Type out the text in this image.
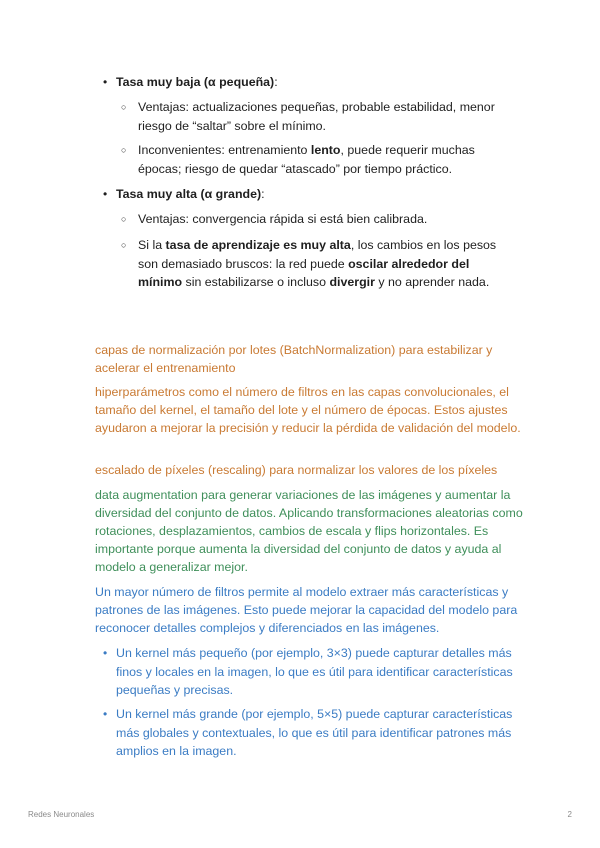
• Tasa muy baja (α pequeña):
○ Ventajas: actualizaciones pequeñas, probable estabilidad, menor riesgo de “saltar” sobre el mínimo.
○ Inconvenientes: entrenamiento lento, puede requerir muchas épocas; riesgo de quedar “atascado” por tiempo práctico.
• Tasa muy alta (α grande):
○ Ventajas: convergencia rápida si está bien calibrada.
○ Si la tasa de aprendizaje es muy alta, los cambios en los pesos son demasiado bruscos: la red puede oscilar alrededor del mínimo sin estabilizarse o incluso divergir y no aprender nada.

capas de normalización por lotes (BatchNormalization) para estabilizar y acelerar el entrenamiento

hiperparámetros como el número de filtros en las capas convolucionales, el tamaño del kernel, el tamaño del lote y el número de épocas. Estos ajustes ayudaron a mejorar la precisión y reducir la pérdida de validación del modelo.

escalado de píxeles (rescaling) para normalizar los valores de los píxeles

data augmentation para generar variaciones de las imágenes y aumentar la diversidad del conjunto de datos. Aplicando transformaciones aleatorias como rotaciones, desplazamientos, cambios de escala y flips horizontales. Es importante porque aumenta la diversidad del conjunto de datos y ayuda al modelo a generalizar mejor.

Un mayor número de filtros permite al modelo extraer más características y patrones de las imágenes. Esto puede mejorar la capacidad del modelo para reconocer detalles complejos y diferenciados en las imágenes.

• Un kernel más pequeño (por ejemplo, 3×3) puede capturar detalles más finos y locales en la imagen, lo que es útil para identificar características pequeñas y precisas.
• Un kernel más grande (por ejemplo, 5×5) puede capturar características más globales y contextuales, lo que es útil para identificar patrones más amplios en la imagen.
Redes Neuronales	2
